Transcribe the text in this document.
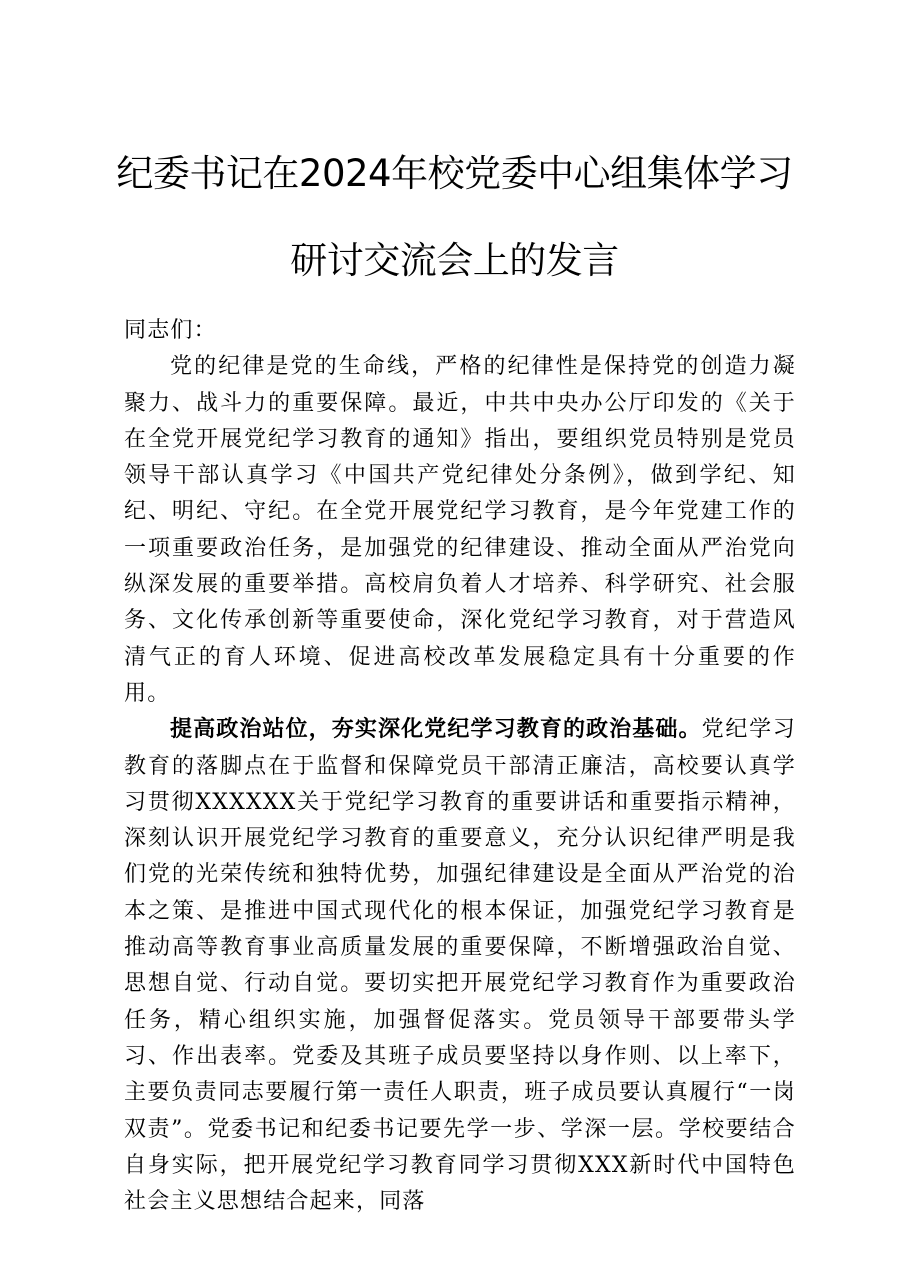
纪委书记在2024年校党委中心组集体学习研讨交流会上的发言

同志们：

党的纪律是党的生命线，严格的纪律性是保持党的创造力凝聚力、战斗力的重要保障。最近，中共中央办公厅印发的《关于在全党开展党纪学习教育的通知》指出，要组织党员特别是党员领导干部认真学习《中国共产党纪律处分条例》，做到学纪、知纪、明纪、守纪。在全党开展党纪学习教育，是今年党建工作的一项重要政治任务，是加强党的纪律建设、推动全面从严治党向纵深发展的重要举措。高校肩负着人才培养、科学研究、社会服务、文化传承创新等重要使命，深化党纪学习教育，对于营造风清气正的育人环境、促进高校改革发展稳定具有十分重要的作用。

提高政治站位，夯实深化党纪学习教育的政治基础。党纪学习教育的落脚点在于监督和保障党员干部清正廉洁，高校要认真学习贯彻XXXXXX关于党纪学习教育的重要讲话和重要指示精神，深刻认识开展党纪学习教育的重要意义，充分认识纪律严明是我们党的光荣传统和独特优势，加强纪律建设是全面从严治党的治本之策、是推进中国式现代化的根本保证，加强党纪学习教育是推动高等教育事业高质量发展的重要保障，不断增强政治自觉、思想自觉、行动自觉。要切实把开展党纪学习教育作为重要政治任务，精心组织实施，加强督促落实。党员领导干部要带头学习、作出表率。党委及其班子成员要坚持以身作则、以上率下，主要负责同志要履行第一责任人职责，班子成员要认真履行“一岗双责”。党委书记和纪委书记要先学一步、学深一层。学校要结合自身实际，把开展党纪学习教育同学习贯彻XXX新时代中国特色社会主义思想结合起来，同落
